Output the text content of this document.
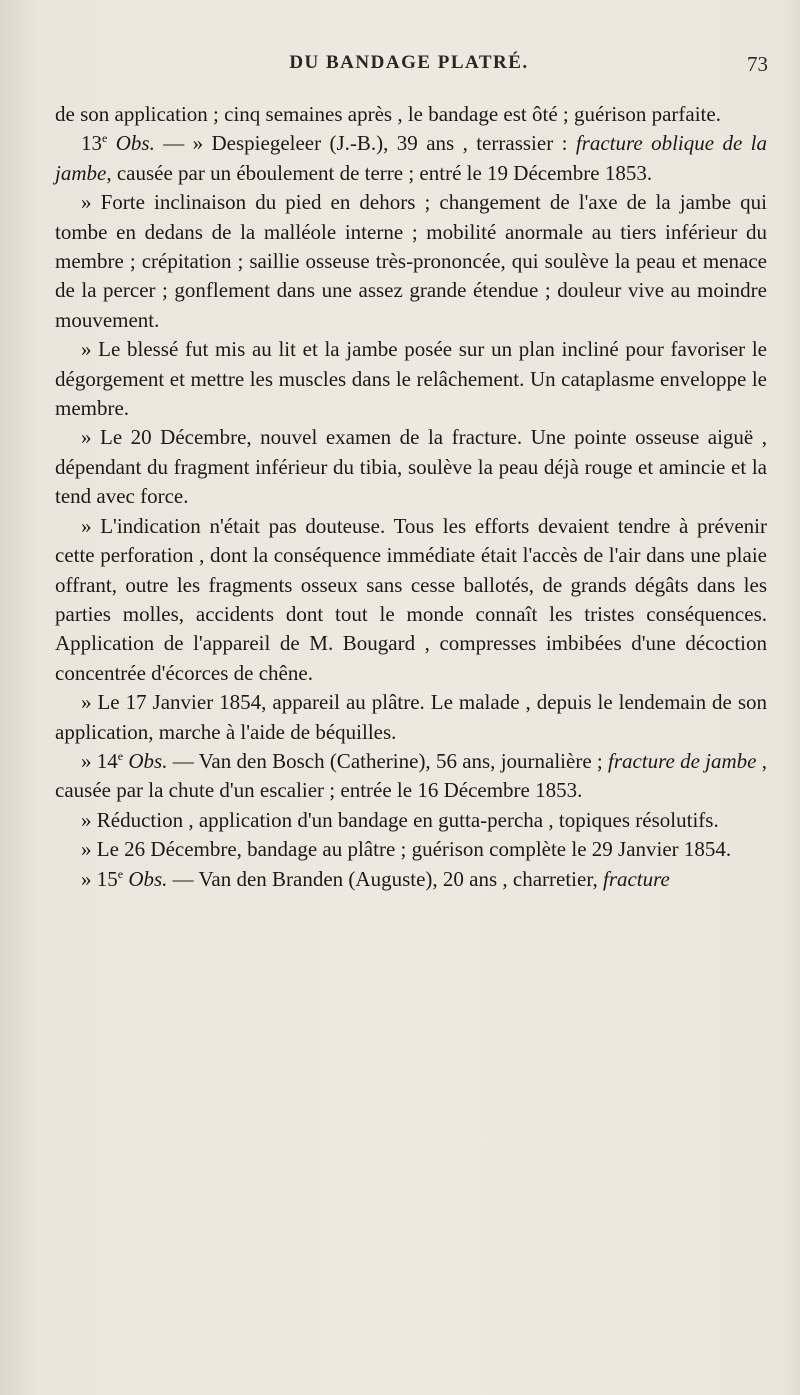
DU BANDAGE PLATRÉ.	73

de son application ; cinq semaines après , le bandage est ôté ; guérison parfaite.

13e Obs. — » Despiegeleer (J.-B.), 39 ans , terrassier : fracture oblique de la jambe, causée par un éboulement de terre ; entré le 19 Décembre 1853.

» Forte inclinaison du pied en dehors ; changement de l'axe de la jambe qui tombe en dedans de la malléole interne ; mobilité anormale au tiers inférieur du membre ; crépitation ; saillie osseuse très-prononcée, qui soulève la peau et menace de la percer ; gonflement dans une assez grande étendue ; douleur vive au moindre mouvement.

» Le blessé fut mis au lit et la jambe posée sur un plan incliné pour favoriser le dégorgement et mettre les muscles dans le relâchement. Un cataplasme enveloppe le membre.

» Le 20 Décembre, nouvel examen de la fracture. Une pointe osseuse aiguë , dépendant du fragment inférieur du tibia, soulève la peau déjà rouge et amincie et la tend avec force.

» L'indication n'était pas douteuse. Tous les efforts devaient tendre à prévenir cette perforation , dont la conséquence immédiate était l'accès de l'air dans une plaie offrant, outre les fragments osseux sans cesse ballotés, de grands dégâts dans les parties molles, accidents dont tout le monde connaît les tristes conséquences. Application de l'appareil de M. Bougard , compresses imbibées d'une décoction concentrée d'écorces de chêne.

» Le 17 Janvier 1854, appareil au plâtre. Le malade , depuis le lendemain de son application, marche à l'aide de béquilles.

» 14e Obs. — Van den Bosch (Catherine), 56 ans, journalière ; fracture de jambe , causée par la chute d'un escalier ; entrée le 16 Décembre 1853.

» Réduction , application d'un bandage en gutta-percha , topiques résolutifs.

» Le 26 Décembre, bandage au plâtre ; guérison complète le 29 Janvier 1854.

» 15e Obs. — Van den Branden (Auguste), 20 ans , charretier, fracture
